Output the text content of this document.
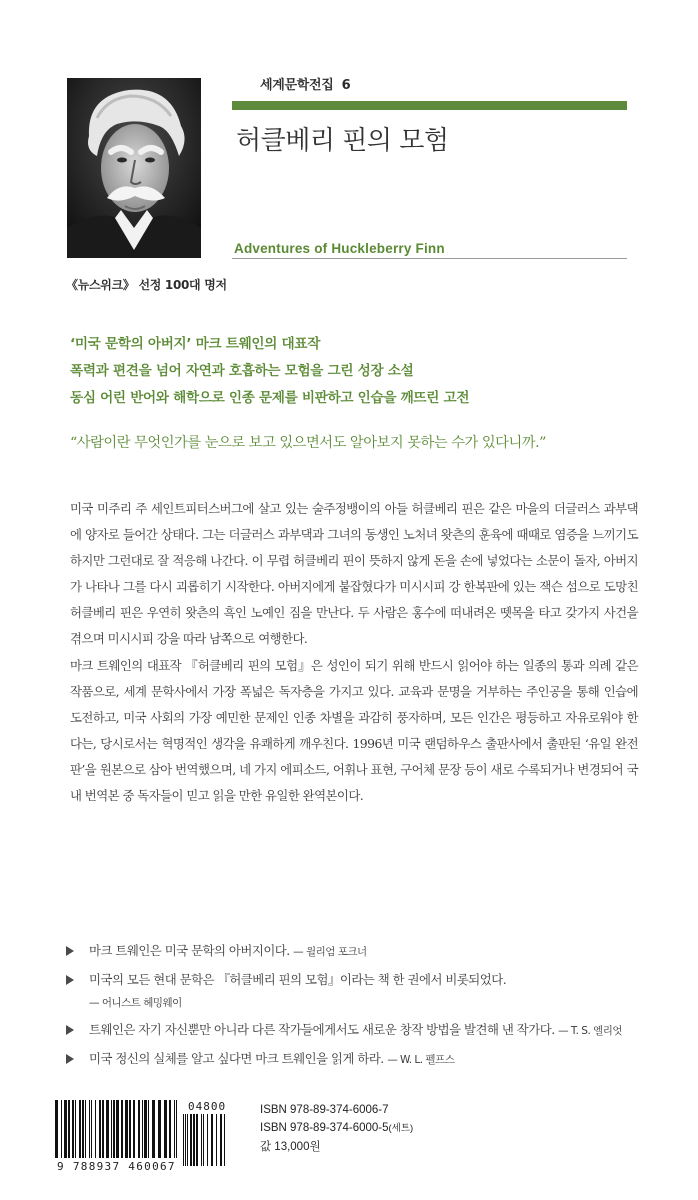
세계문학전집 6
허클베리 핀의 모험
Adventures of Huckleberry Finn
《뉴스위크》 선정 100대 명저
‘미국 문학의 아버지’ 마크 트웨인의 대표작
폭력과 편견을 넘어 자연과 호흡하는 모험을 그린 성장 소설
동심 어린 반어와 해학으로 인종 문제를 비판하고 인습을 깨뜨린 고전
“사람이란 무엇인가를 눈으로 보고 있으면서도 알아보지 못하는 수가 있다니까.”

미국 미주리 주 세인트피터스버그에 살고 있는 술주정뱅이의 아들 허클베리 핀은 같은 마을의 더글러스 과부댁에 양자로 들어간 상태다. 그는 더글러스 과부댁과 그녀의 동생인 노처녀 왓츤의 훈육에 때때로 염증을 느끼기도 하지만 그런대로 잘 적응해 나간다. 이 무렵 허클베리 핀이 뜻하지 않게 돈을 손에 넣었다는 소문이 돌자, 아버지가 나타나 그를 다시 괴롭히기 시작한다. 아버지에게 붙잡혔다가 미시시피 강 한복판에 있는 잭슨 섬으로 도망친 허클베리 핀은 우연히 왓츤의 흑인 노예인 짐을 만난다. 두 사람은 홍수에 떠내려온 뗏목을 타고 갖가지 사건을 겪으며 미시시피 강을 따라 남쪽으로 여행한다.

마크 트웨인의 대표작 『허클베리 핀의 모험』은 성인이 되기 위해 반드시 읽어야 하는 일종의 통과 의례 같은 작품으로, 세계 문학사에서 가장 폭넓은 독자층을 가지고 있다. 교육과 문명을 거부하는 주인공을 통해 인습에 도전하고, 미국 사회의 가장 예민한 문제인 인종 차별을 과감히 풍자하며, 모든 인간은 평등하고 자유로워야 한다는, 당시로서는 혁명적인 생각을 유쾌하게 깨우친다. 1996년 미국 랜덤하우스 출판사에서 출판된 ‘유일 완전판’을 원본으로 삼아 번역했으며, 네 가지 에피소드, 어휘나 표현, 구어체 문장 등이 새로 수록되거나 변경되어 국내 번역본 중 독자들이 믿고 읽을 만한 유일한 완역본이다.

마크 트웨인은 미국 문학의 아버지이다. — 윌리엄 포크너
미국의 모든 현대 문학은 『허클베리 핀의 모험』이라는 책 한 권에서 비롯되었다.
— 어니스트 헤밍웨이
트웨인은 자기 자신뿐만 아니라 다른 작가들에게서도 새로운 창작 방법을 발견해 낸 작가다. — T. S. 엘리엇
미국 정신의 실체를 알고 싶다면 마크 트웨인을 읽게 하라. — W. L. 펠프스
9 788937 460067
04800	ISBN 978-89-374-6006-7
ISBN 978-89-374-6000-5(세트)
값 13,000원
